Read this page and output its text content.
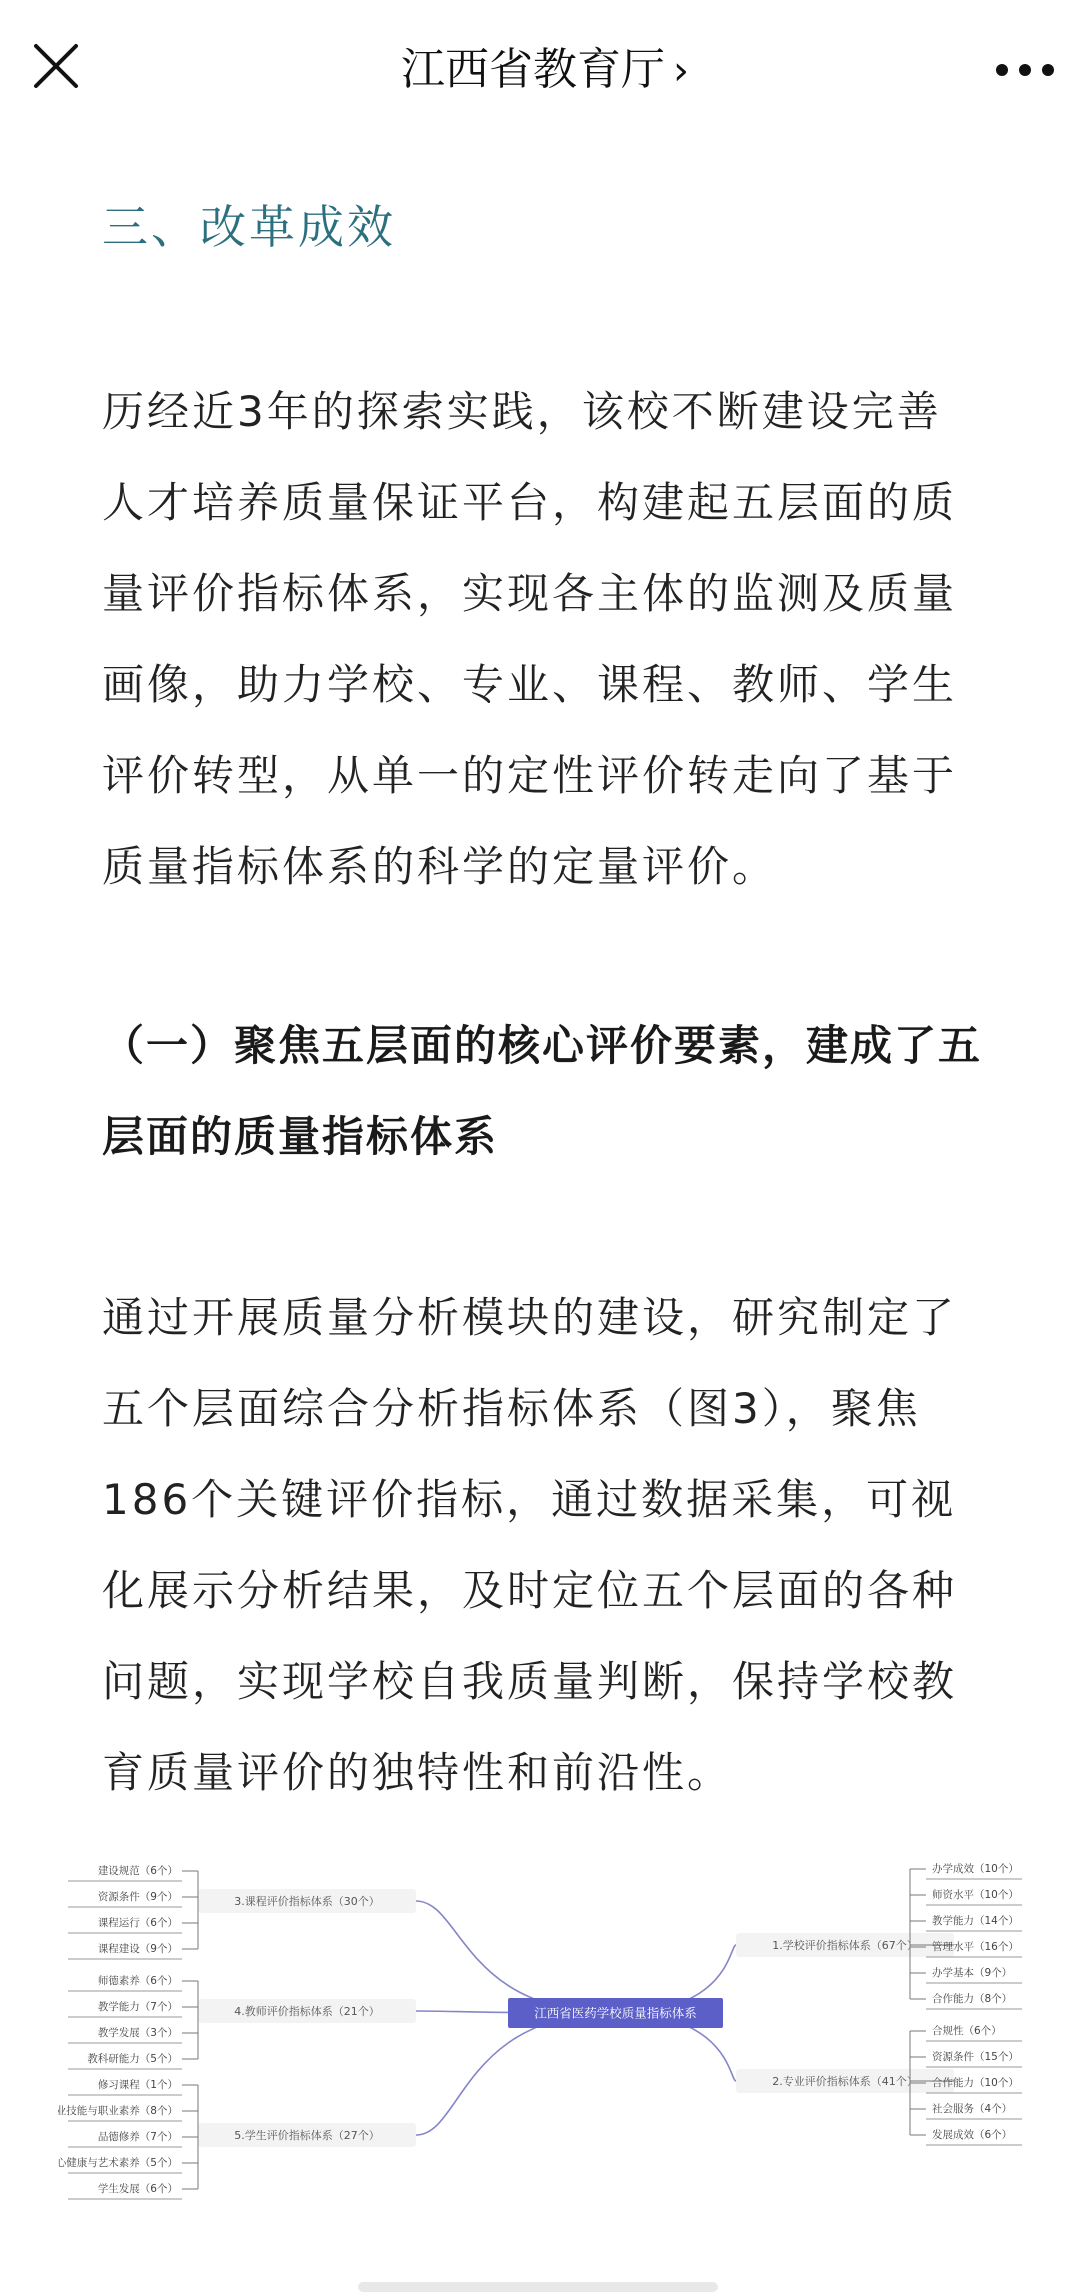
江西省教育厅 ›
三、改革成效
历经近3年的探索实践，该校不断建设完善人才培养质量保证平台，构建起五层面的质量评价指标体系，实现各主体的监测及质量画像，助力学校、专业、课程、教师、学生评价转型，从单一的定性评价转走向了基于质量指标体系的科学的定量评价。
（一）聚焦五层面的核心评价要素，建成了五层面的质量指标体系
通过开展质量分析模块的建设，研究制定了五个层面综合分析指标体系（图3），聚焦186个关键评价指标，通过数据采集，可视化展示分析结果，及时定位五个层面的各种问题，实现学校自我质量判断，保持学校教育质量评价的独特性和前沿性。
1.学校评价指标体系（67个）
办学成效（10个）
师资水平（10个）
教学能力（14个）
管理水平（16个）
办学基本（9个）
合作能力（8个）
2.专业评价指标体系（41个）
合规性（6个）
资源条件（15个）
合作能力（10个）
社会服务（4个）
发展成效（6个）
3.课程评价指标体系（30个）
建设规范（6个）
资源条件（9个）
课程运行（6个）
课程建设（9个）
4.教师评价指标体系（21个）
师德素养（6个）
教学能力（7个）
教学发展（3个）
教科研能力（5个）
5.学生评价指标体系（27个）
修习课程（1个）
专业技能与职业素养（8个）
品德修养（7个）
身心健康与艺术素养（5个）
学生发展（6个）
江西省医药学校质量指标体系
